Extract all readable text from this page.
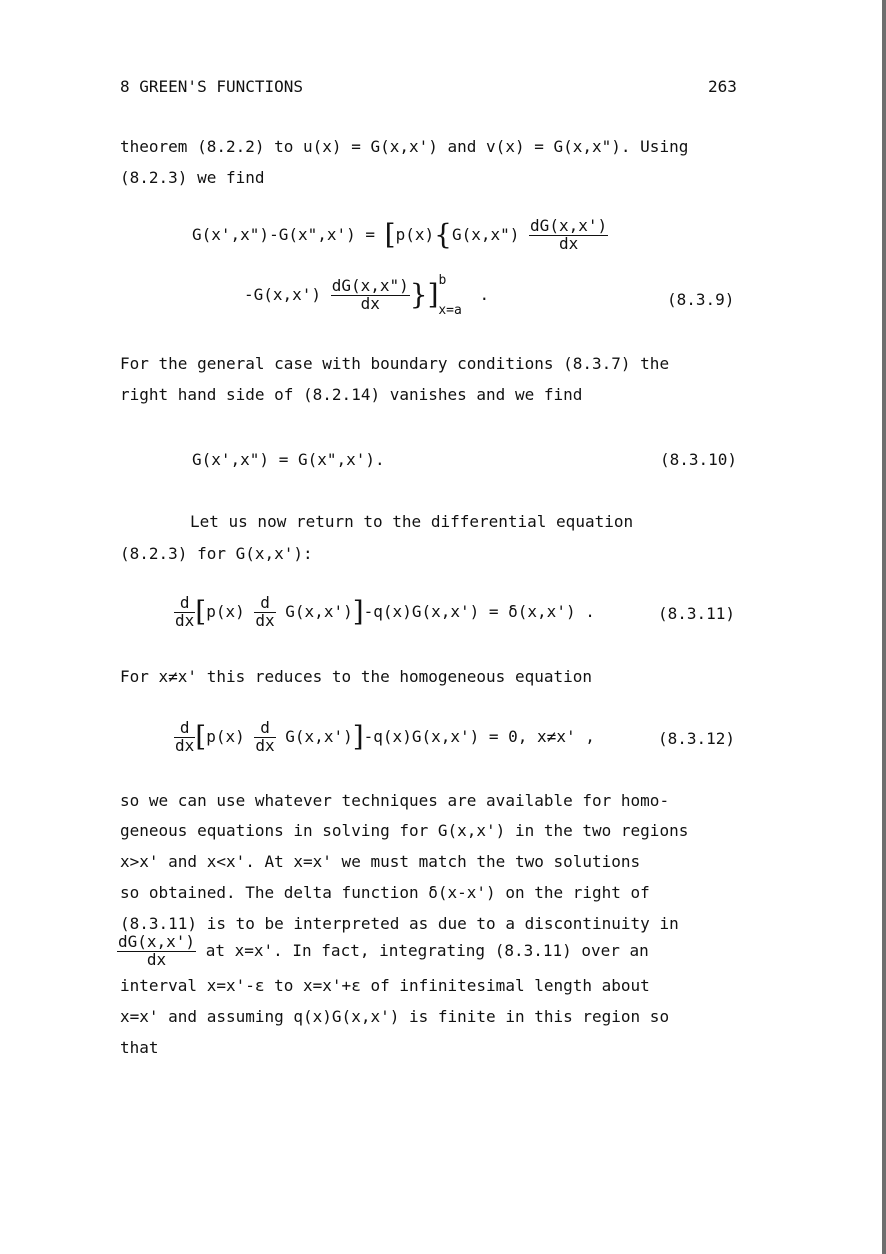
8 GREEN'S FUNCTIONS	263
theorem (8.2.2) to u(x) = G(x,x') and v(x) = G(x,x"). Using
(8.2.3) we find
G(x',x")-G(x",x') = [p(x){G(x,x") $\frac{dG(x,x')}{dx}$
$-G(x,x') \frac{dG(x,x")}{dx} \}]^b_{x=a}$ .	(8.3.9)
For the general case with boundary conditions (8.3.7) the
right hand side of (8.2.14) vanishes and we find
G(x',x") = G(x",x').	(8.3.10)
Let us now return to the differential equation
(8.2.3) for G(x,x'):
$\frac{d}{dx} [p(x) \frac{d}{dx} G(x,x')]-q(x)G(x,x') = \delta(x,x')$ .	(8.3.11)
For x≠x' this reduces to the homogeneous equation
$\frac{d}{dx} [p(x) \frac{d}{dx} G(x,x')]-q(x)G(x,x') = 0$, x≠x' ,	(8.3.12)
so we can use whatever techniques are available for homo-
geneous equations in solving for G(x,x') in the two regions
x>x' and x<x'. At x=x' we must match the two solutions
so obtained. The delta function δ(x-x') on the right of
(8.3.11) is to be interpreted as due to a discontinuity in
$\frac{dG(x,x')}{dx}$ at x=x'. In fact, integrating (8.3.11) over an
interval x=x'-ε to x=x'+ε of infinitesimal length about
x=x' and assuming q(x)G(x,x') is finite in this region so
that
